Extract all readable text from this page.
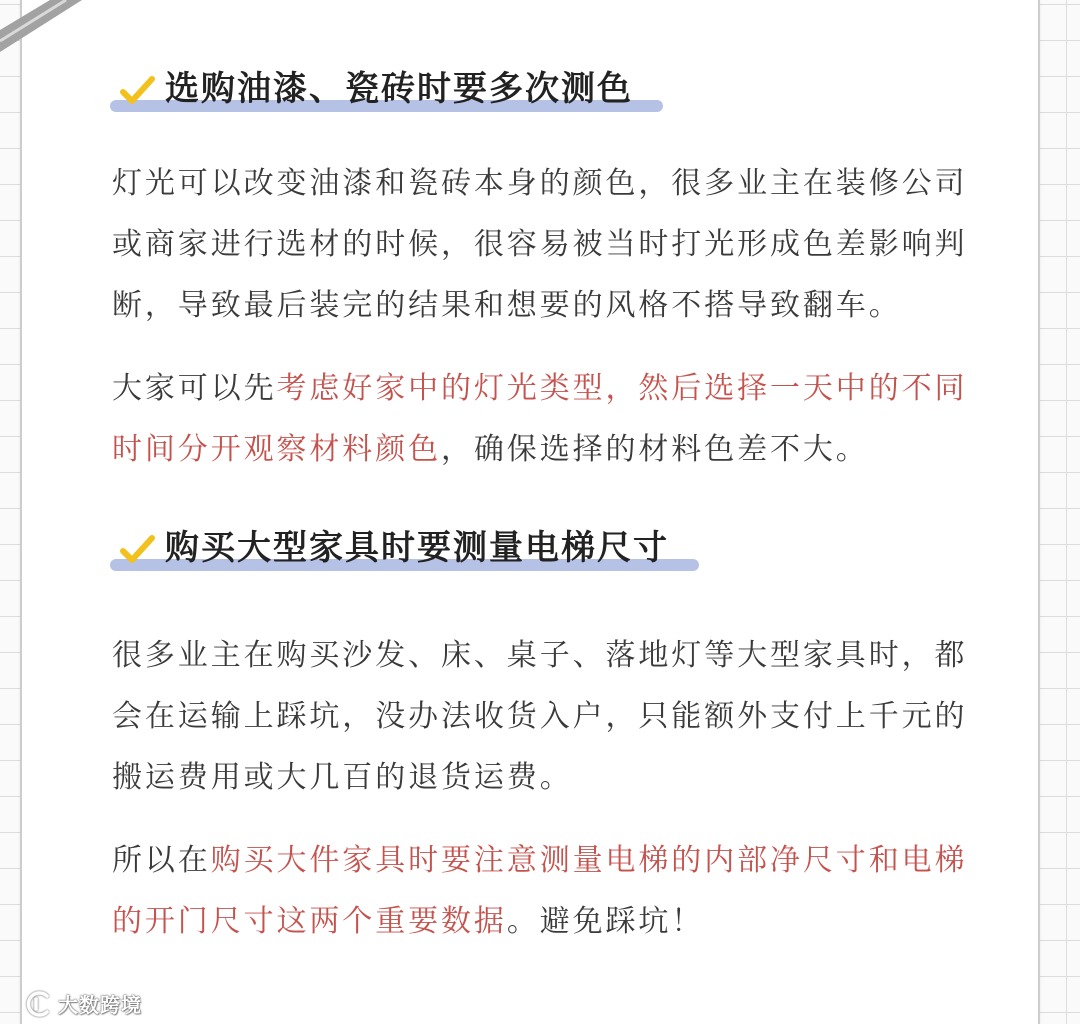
选购油漆、瓷砖时要多次测色
灯光可以改变油漆和瓷砖本身的颜色，很多业主在装修公司
或商家进行选材的时候，很容易被当时打光形成色差影响判
断，导致最后装完的结果和想要的风格不搭导致翻车。
大家可以先考虑好家中的灯光类型，然后选择一天中的不同
时间分开观察材料颜色，确保选择的材料色差不大。
购买大型家具时要测量电梯尺寸
很多业主在购买沙发、床、桌子、落地灯等大型家具时，都
会在运输上踩坑，没办法收货入户，只能额外支付上千元的
搬运费用或大几百的退货运费。
所以在购买大件家具时要注意测量电梯的内部净尺寸和电梯
的开门尺寸这两个重要数据。避免踩坑！
大数跨境
